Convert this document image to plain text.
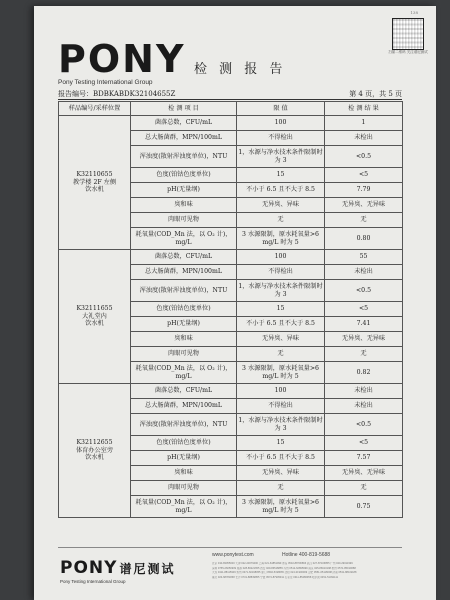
138
PONY
Pony Testing International Group
检 测 报 告
扫描二维码 关注谱尼测试
报告编号：BDBKABDK32104655Z	第 4 页，共 5 页
样品编号/采样位置	检 测 项 目	限 值	检 测 结 果
K32110655
教学楼 2F 左侧
饮水机	菌落总数，CFU/mL	100	1
	总大肠菌群，MPN/100mL	不得检出	未检出
	浑浊度(散射浑浊度单位)，NTU	1，水源与净水技术条件限制时为 3	<0.5
	色度(铂钴色度单位)	15	<5
	pH(无量纲)	不小于 6.5 且不大于 8.5	7.79
	臭和味	无异臭、异味	无异臭、无异味
	肉眼可见物	无	无
	耗氧量(COD_Mn 法，以 O₂ 计)，mg/L	3 水源限制，原水耗氧量>6 mg/L 时为 5	0.80
K32111655
大礼堂内
饮水机	菌落总数，CFU/mL	100	55
	总大肠菌群，MPN/100mL	不得检出	未检出
	浑浊度(散射浑浊度单位)，NTU	1，水源与净水技术条件限制时为 3	<0.5
	色度(铂钴色度单位)	15	<5
	pH(无量纲)	不小于 6.5 且不大于 8.5	7.41
	臭和味	无异臭、异味	无异臭、无异味
	肉眼可见物	无	无
	耗氧量(COD_Mn 法，以 O₂ 计)，mg/L	3 水源限制，原水耗氧量>6 mg/L 时为 5	0.82
K32112655
体育办公室旁
饮水机	菌落总数，CFU/mL	100	未检出
	总大肠菌群，MPN/100mL	不得检出	未检出
	浑浊度(散射浑浊度单位)，NTU	1，水源与净水技术条件限制时为 3	<0.5
	色度(铂钴色度单位)	15	<5
	pH(无量纲)	不小于 6.5 且不大于 8.5	7.57
	臭和味	无异臭、异味	无异臭、无异味
	肉眼可见物	无	无
	耗氧量(COD_Mn 法，以 O₂ 计)，mg/L	3 水源限制，原水耗氧量>6 mg/L 时为 5	0.75
PONY 谱尼测试
Pony Testing International Group
www.ponytest.com	Hotline 400-819-5688
北京 010-83055000 天津 022-23079400 上海 021-64851999 青岛 0532-88706866 武汉 027-87106855 广州 020-29011999
深圳 0755-26050909 成都 028-86221655 西安 029-86518855 苏州 0512-62895999 南京 025-86910198 杭州 0571-85199688
大连 0411-88115909 郑州 0371-60198055 厦门 0592-5198665 沈阳 024-31900009 合肥 0551-65118098 济南 0531-88119188
重庆 023-68781868 长沙 0731-88839855 宁波 0574-87905911 石家庄 0311-85286958 哈尔滨 0451-51091111
